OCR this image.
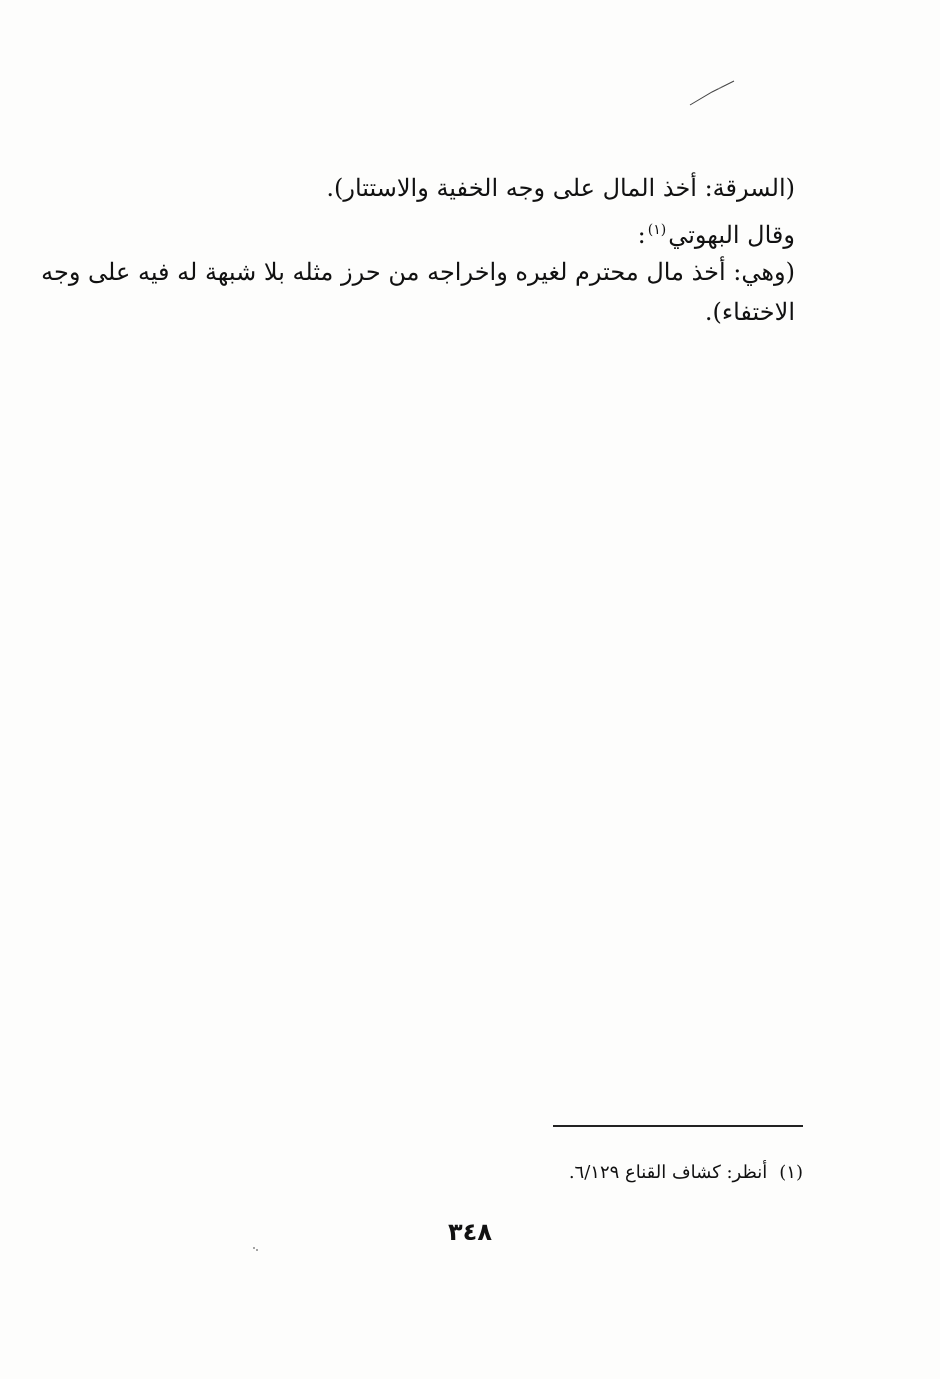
(السرقة: أخذ المال على وجه الخفية والاستتار).
وقال البهوتي$^{(١)}$:
(وهي: أخذ مال محترم لغيره واخراجه من حرز مثله بلا شبهة له فيه على وجه
الاختفاء).
(١)أنظر: كشاف القناع ٦/١٢٩.
٣٤٨
